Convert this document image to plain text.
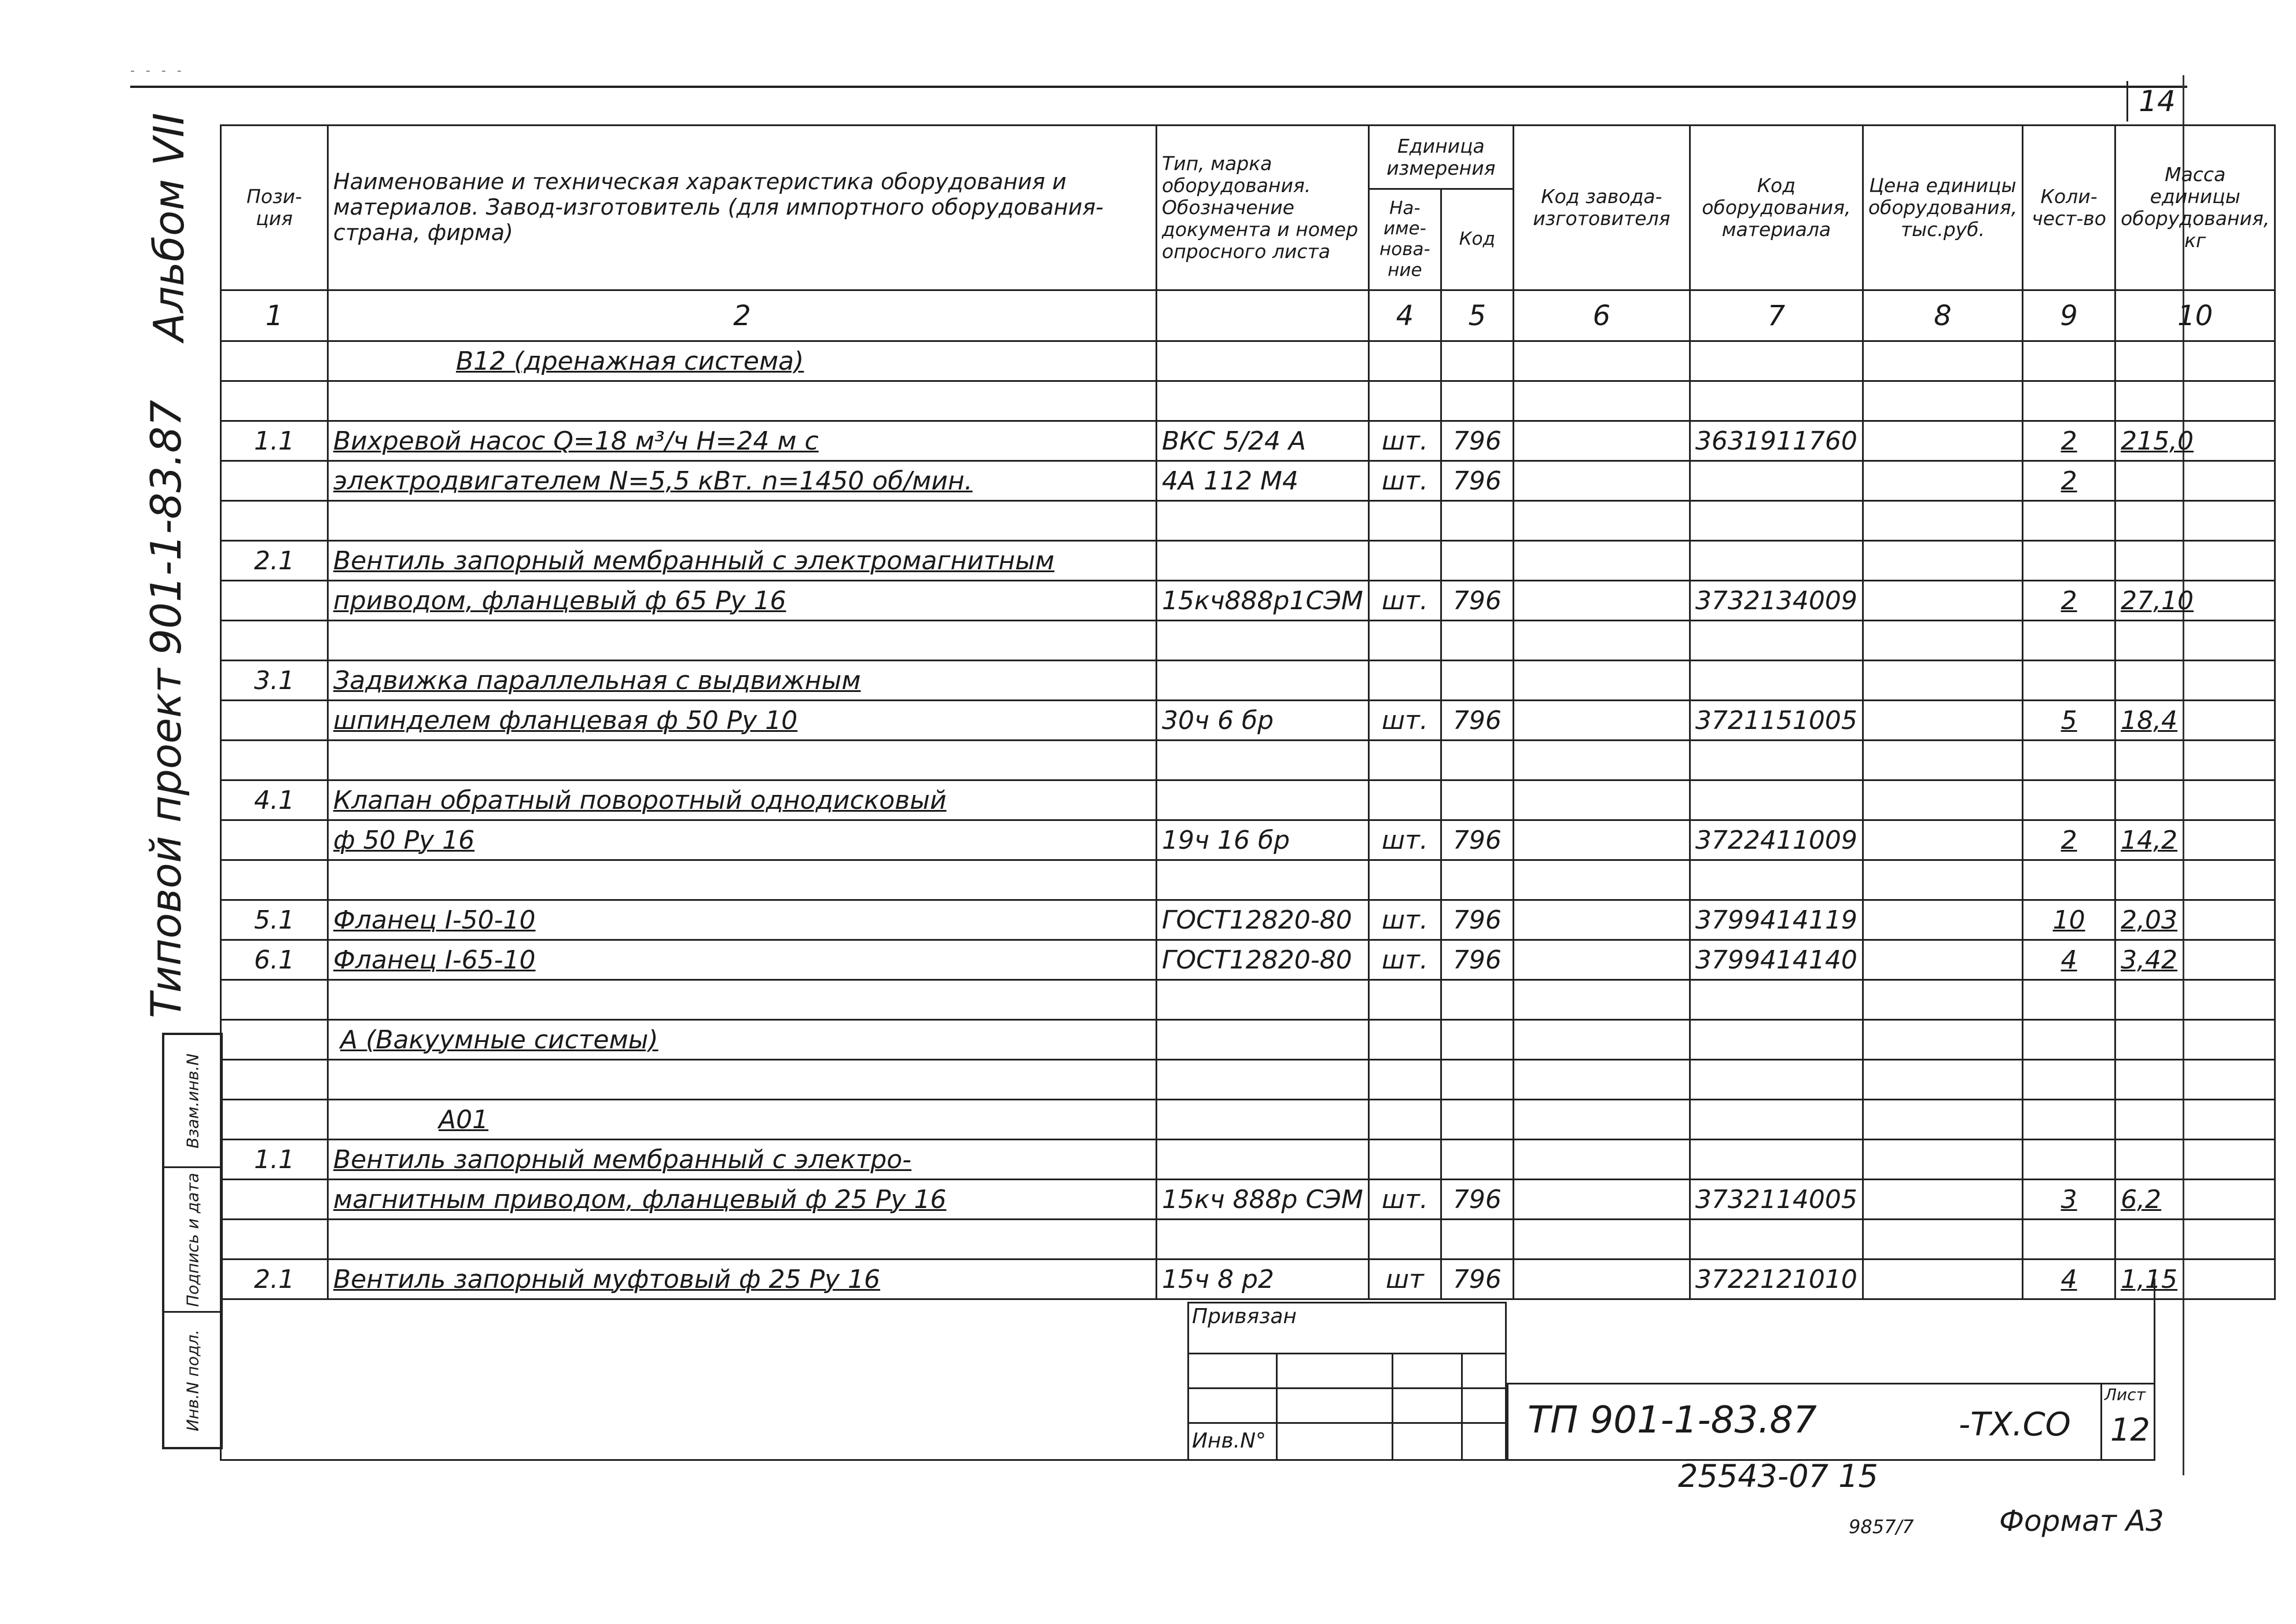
- - - -
14
Альбом VII
Типовой проект 901-1-83.87
Взам.инв.N
Подпись и дата
Инв.N подл.
Пози- ция	Наименование и техническая характеристика оборудования и материалов. Завод-изготовитель (для импортного оборудования-страна, фирма)	Тип, марка оборудования. Обозначение документа и номер опросного листа	Единица измерения		Код завода-изготовителя	Код оборудования, материала	Цена единицы оборудования, тыс.руб.	Коли-чест-во	Масса единицы оборудования, кг
			На-име-нова-ние	Код					
1	2		4	5	6	7	8	9	10
	В12 (дренажная система)								

1.1	Вихревой насос Q=18 м³/ч H=24 м с	ВКС 5/24 А	шт.	796		3631911760		2	215,0
	электродвигателем N=5,5 кВт. n=1450 об/мин.	4А 112 М4	шт.	796				2	

2.1	Вентиль запорный мембранный с электромагнитным								
	приводом, фланцевый ф 65 Ру 16	15кч888р1СЭМ	шт.	796		3732134009		2	27,10

3.1	Задвижка параллельная с выдвижным								
	шпинделем фланцевая ф 50 Ру 10	30ч 6 бр	шт.	796		3721151005		5	18,4

4.1	Клапан обратный поворотный однодисковый								
	ф 50 Ру 16	19ч 16 бр	шт.	796		3722411009		2	14,2

5.1	Фланец I-50-10	ГОСТ12820-80	шт.	796		3799414119		10	2,03
6.1	Фланец I-65-10	ГОСТ12820-80	шт.	796		3799414140		4	3,42

	А (Вакуумные системы)								

	А01								
1.1	Вентиль запорный мембранный с электро-								
	магнитным приводом, фланцевый ф 25 Ру 16	15кч 888р СЭМ	шт.	796		3732114005		3	6,2

2.1	Вентиль запорный муфтовый ф 25 Ру 16	15ч 8 р2	шт	796		3722121010		4	1,15
Привязан
Инв.N°	ТП 901-1-83.87	-ТХ.СО
Лист
12
25543-07 15
9857/7	Формат А3
